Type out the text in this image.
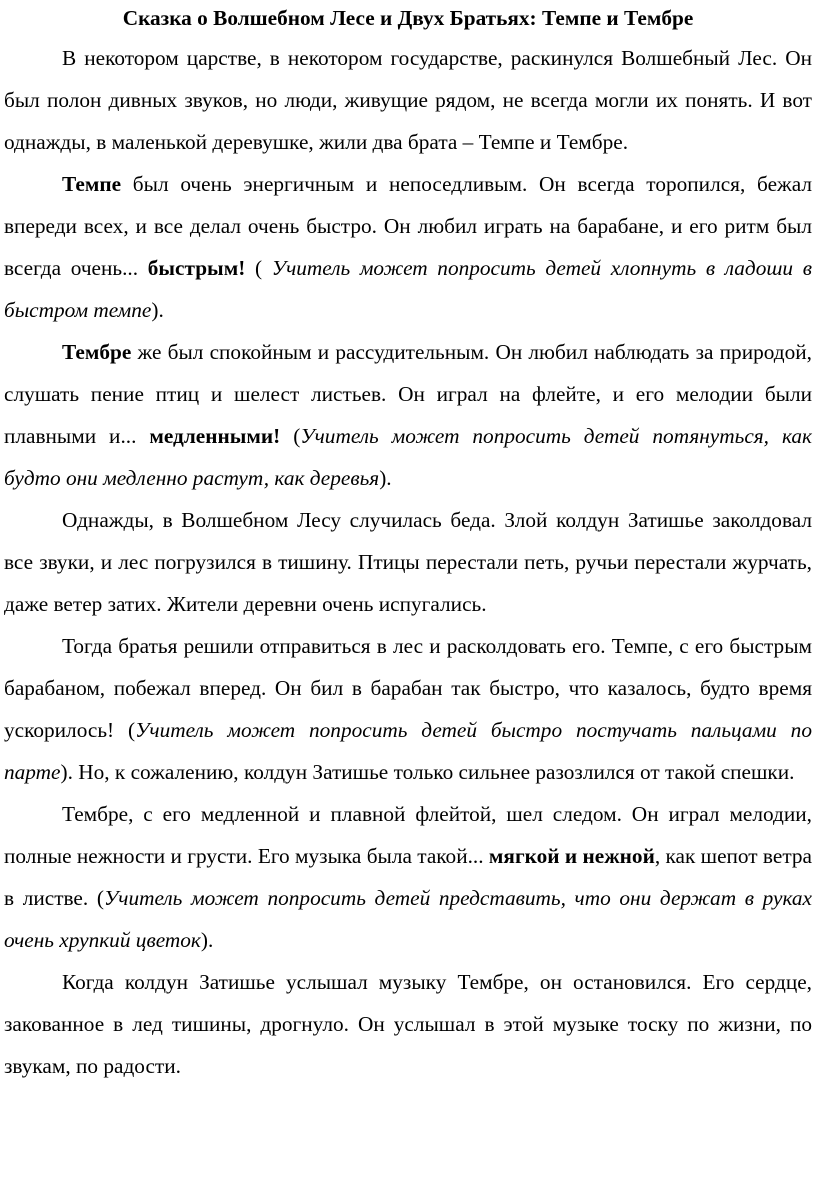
Сказка о Волшебном Лесе и Двух Братьях: Темпе и Тембре

В некотором царстве, в некотором государстве, раскинулся Волшебный Лес. Он был полон дивных звуков, но люди, живущие рядом, не всегда могли их понять. И вот однажды, в маленькой деревушке, жили два брата – Темпе и Тембре.

Темпе был очень энергичным и непоседливым. Он всегда торопился, бежал впереди всех, и все делал очень быстро. Он любил играть на барабане, и его ритм был всегда очень... быстрым! ( Учитель может попросить детей хлопнуть в ладоши в быстром темпе).

Тембре же был спокойным и рассудительным. Он любил наблюдать за природой, слушать пение птиц и шелест листьев. Он играл на флейте, и его мелодии были плавными и... медленными! (Учитель может попросить детей потянуться, как будто они медленно растут, как деревья).

Однажды, в Волшебном Лесу случилась беда. Злой колдун Затишье заколдовал все звуки, и лес погрузился в тишину. Птицы перестали петь, ручьи перестали журчать, даже ветер затих. Жители деревни очень испугались.

Тогда братья решили отправиться в лес и расколдовать его. Темпе, с его быстрым барабаном, побежал вперед. Он бил в барабан так быстро, что казалось, будто время ускорилось! (Учитель может попросить детей быстро постучать пальцами по парте). Но, к сожалению, колдун Затишье только сильнее разозлился от такой спешки.

Тембре, с его медленной и плавной флейтой, шел следом. Он играл мелодии, полные нежности и грусти. Его музыка была такой... мягкой и нежной, как шепот ветра в листве. (Учитель может попросить детей представить, что они держат в руках очень хрупкий цветок).

Когда колдун Затишье услышал музыку Тембре, он остановился. Его сердце, закованное в лед тишины, дрогнуло. Он услышал в этой музыке тоску по жизни, по звукам, по радости.
